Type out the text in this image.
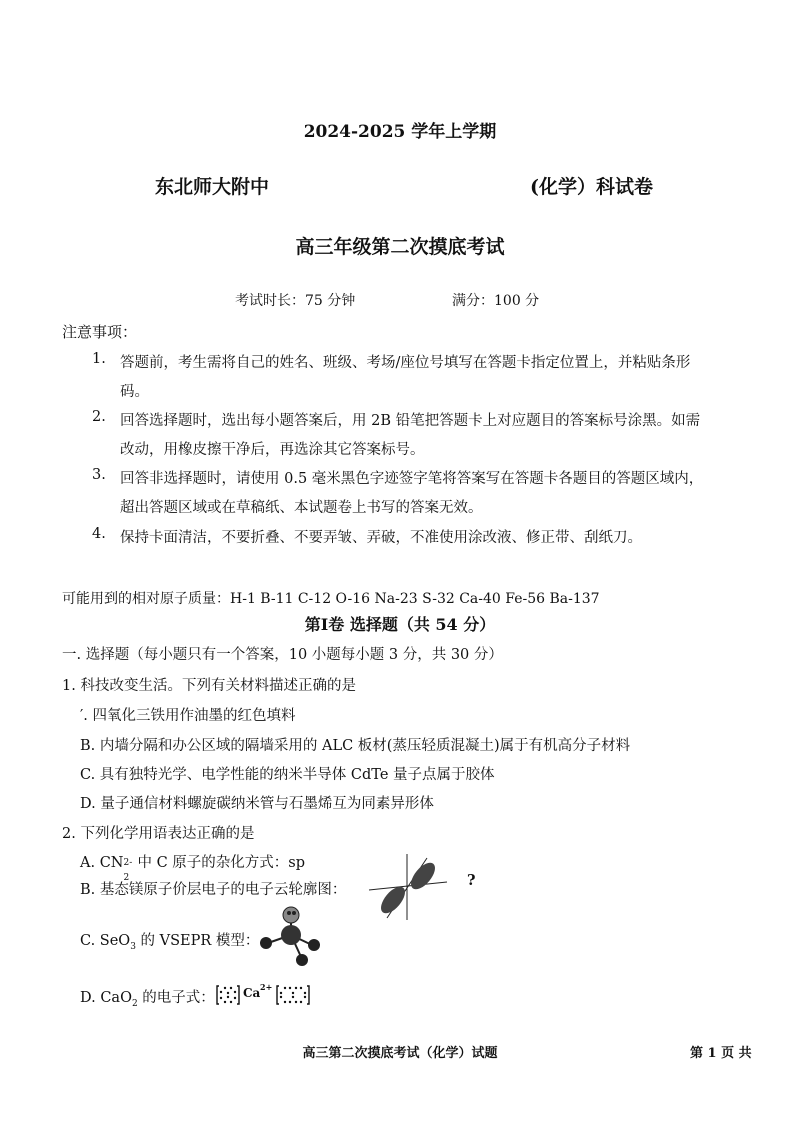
2024-2025 学年上学期
东北师大附中	(化学）科试卷
高三年级第二次摸底考试
考试时长：75 分钟	满分：100 分
注意事项：
1. 答题前，考生需将自己的姓名、班级、考场/座位号填写在答题卡指定位置上，并粘贴条形
码。
2. 回答选择题时，选出每小题答案后，用 2B 铅笔把答题卡上对应题目的答案标号涂黑。如需
改动，用橡皮擦干净后，再选涂其它答案标号。
3. 回答非选择题时，请使用 0.5 毫米黑色字迹签字笔将答案写在答题卡各题目的答题区域内，
超出答题区域或在草稿纸、本试题卷上书写的答案无效。
4. 保持卡面清洁，不要折叠、不要弄皱、弄破，不准使用涂改液、修正带、刮纸刀。
可能用到的相对原子质量：H-1 B-11 C-12 O-16 Na-23 S-32 Ca-40 Fe-56 Ba-137
第Ⅰ卷 选择题（共 54 分）
一. 选择题（每小题只有一个答案，10 小题每小题 3 分，共 30 分）
1. 科技改变生活。下列有关材料描述正确的是
′. 四氧化三铁用作油墨的红色填料
B. 内墙分隔和办公区域的隔墙采用的 ALC 板材(蒸压轻质混凝土)属于有机高分子材料
C. 具有独特光学、电学性能的纳米半导体 CdTe 量子点属于胶体
D. 量子通信材料螺旋碳纳米管与石墨烯互为同素异形体
2. 下列化学用语表达正确的是
A. CN 2-
2
中 C 原子的杂化方式：sp
B. 基态镁原子价层电子的电子云轮廓图：
?
C. SeO$_3$ 的 VSEPR 模型：
D. CaO$_2$ 的电子式： Ca 2+
高三第二次摸底考试（化学）试题	第 1 页 共
